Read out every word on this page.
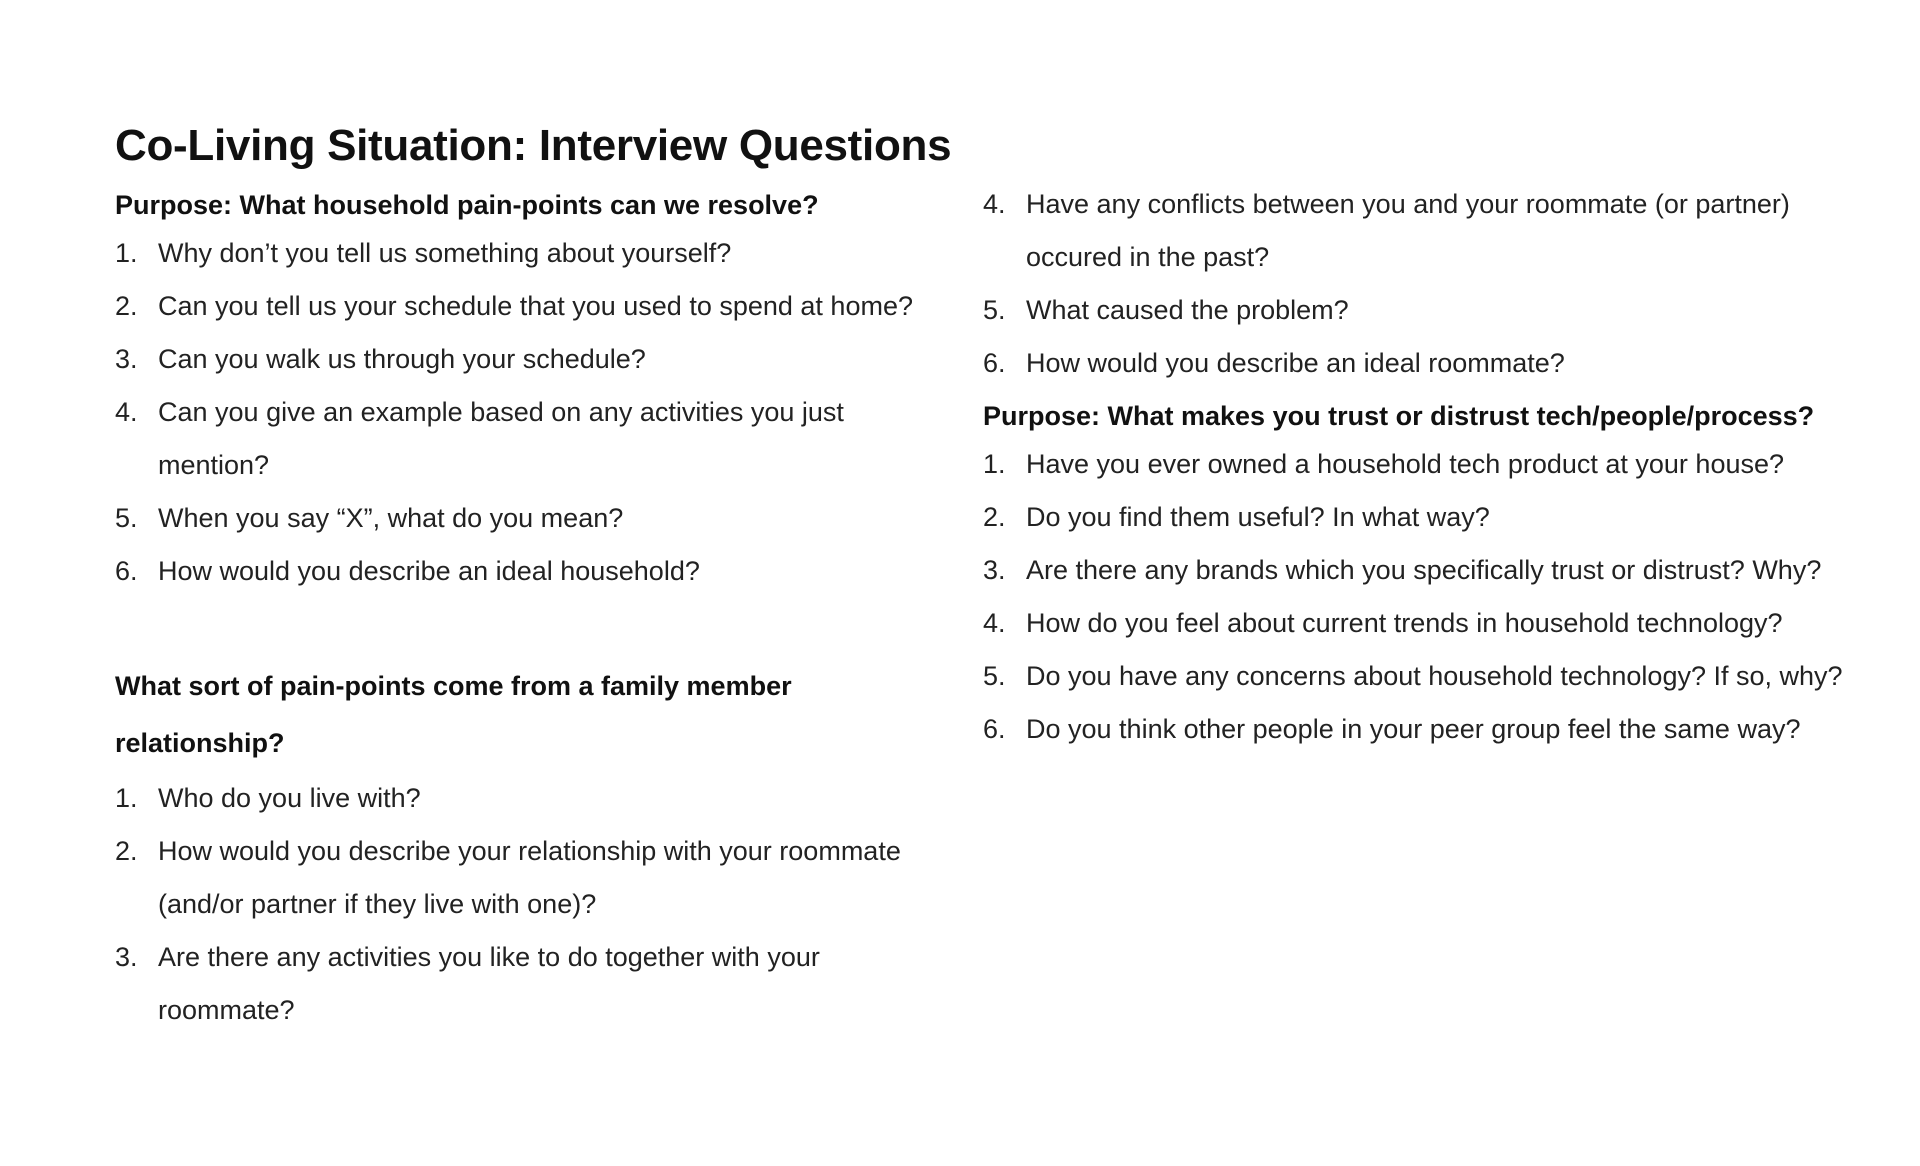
Co-Living Situation: Interview Questions
Purpose: What household pain-points can we resolve?
1. Why don’t you tell us something about yourself?
2. Can you tell us your schedule that you used to spend at home?
3. Can you walk us through your schedule?
4. Can you give an example based on any activities you just mention?
5. When you say “X”, what do you mean?
6. How would you describe an ideal household?
What sort of pain-points come from a family member relationship?
1. Who do you live with?
2. How would you describe your relationship with your roommate (and/or partner if they live with one)?
3. Are there any activities you like to do together with your roommate?
4. Have any conflicts between you and your roommate (or partner) occured in the past?
5. What caused the problem?
6. How would you describe an ideal roommate?
Purpose: What makes you trust or distrust tech/people/process?
1. Have you ever owned a household tech product at your house?
2. Do you find them useful? In what way?
3. Are there any brands which you specifically trust or distrust? Why?
4. How do you feel about current trends in household technology?
5. Do you have any concerns about household technology? If so, why?
6. Do you think other people in your peer group feel the same way?
